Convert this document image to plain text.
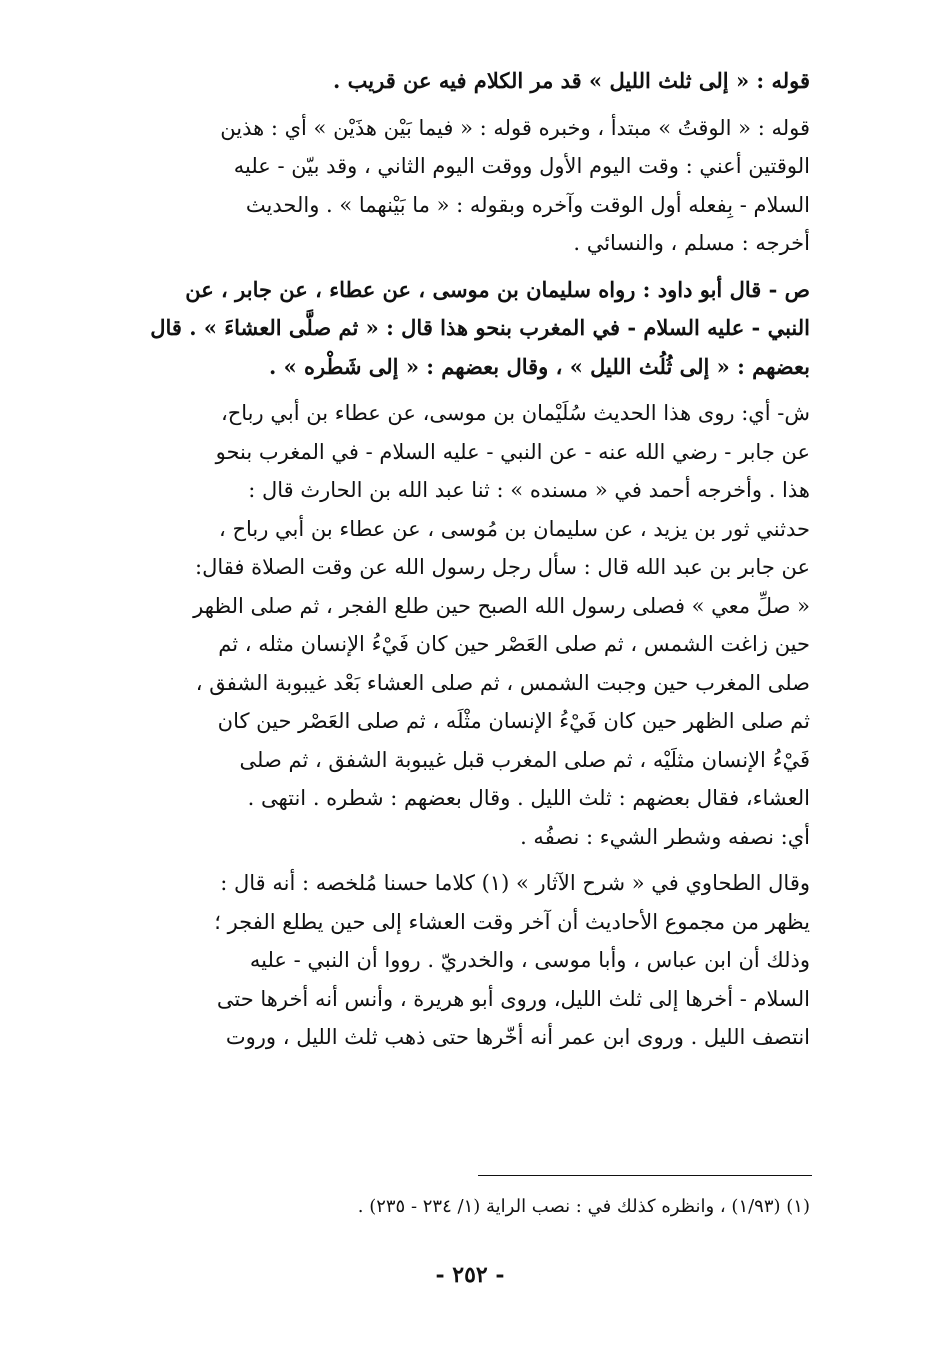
قوله : « إلى ثلث الليل » قد مر الكلام فيه عن قريب .
قوله : « الوقتُ » مبتدأ ، وخبره قوله : « فيما بَيْن هذَيْن » أي : هذين
الوقتين أعني : وقت اليوم الأول ووقت اليوم الثاني ، وقد بيّن - عليه
السلام - بِفعله أول الوقت وآخره وبقوله : « ما بَيْنهما » . والحديث
أخرجه : مسلم ، والنسائي .
ص - قال أبو داود : رواه سليمان بن موسى ، عن عطاء ، عن جابر ، عن
النبي - عليه السلام - في المغرب بنحو هذا قال : « ثم صلَّى العشاءَ » . قال
بعضهم : « إلى ثُلُث الليل » ، وقال بعضهم : « إلى شَطْره » .
ش- أي: روى هذا الحديث سُلَيْمان بن موسى، عن عطاء بن أبي رباح،
عن جابر - رضي الله عنه - عن النبي - عليه السلام - في المغرب بنحو
هذا . وأخرجه أحمد في « مسنده » : ثنا عبد الله بن الحارث قال :
حدثني ثور بن يزيد ، عن سليمان بن مُوسى ، عن عطاء بن أبي رباح ،
عن جابر بن عبد الله قال : سأل رجل رسول الله عن وقت الصلاة فقال:
« صلِّ معي » فصلى رسول الله الصبح حين طلع الفجر ، ثم صلى الظهر
حين زاغت الشمس ، ثم صلى العَصْر حين كان فَيْءُ الإنسان مثله ، ثم
صلى المغرب حين وجبت الشمس ، ثم صلى العشاء بَعْد غيبوبة الشفق ،
ثم صلى الظهر حين كان فَيْءُ الإنسان مثْلَه ، ثم صلى العَصْر حين كان
فَيْءُ الإنسان مثلَيْه ، ثم صلى المغرب قبل غيبوبة الشفق ، ثم صلى
العشاء، فقال بعضهم : ثلث الليل . وقال بعضهم : شطره . انتهى .
أي: نصفه وشطر الشيء : نصفُه .
وقال الطحاوي في « شرح الآثار » (١) كلاما حسنا مُلخصه : أنه قال :
يظهر من مجموع الأحاديث أن آخر وقت العشاء إلى حين يطلع الفجر ؛
وذلك أن ابن عباس ، وأبا موسى ، والخدريّ . رووا أن النبي - عليه
السلام - أخرها إلى ثلث الليل، وروى أبو هريرة ، وأنس أنه أخرها حتى
انتصف الليل . وروى ابن عمر أنه أخّرها حتى ذهب ثلث الليل ، وروت
(١) (١/٩٣) ، وانظره كذلك في : نصب الراية (١/ ٢٣٤ - ٢٣٥) .
- ٢٥٢ -
